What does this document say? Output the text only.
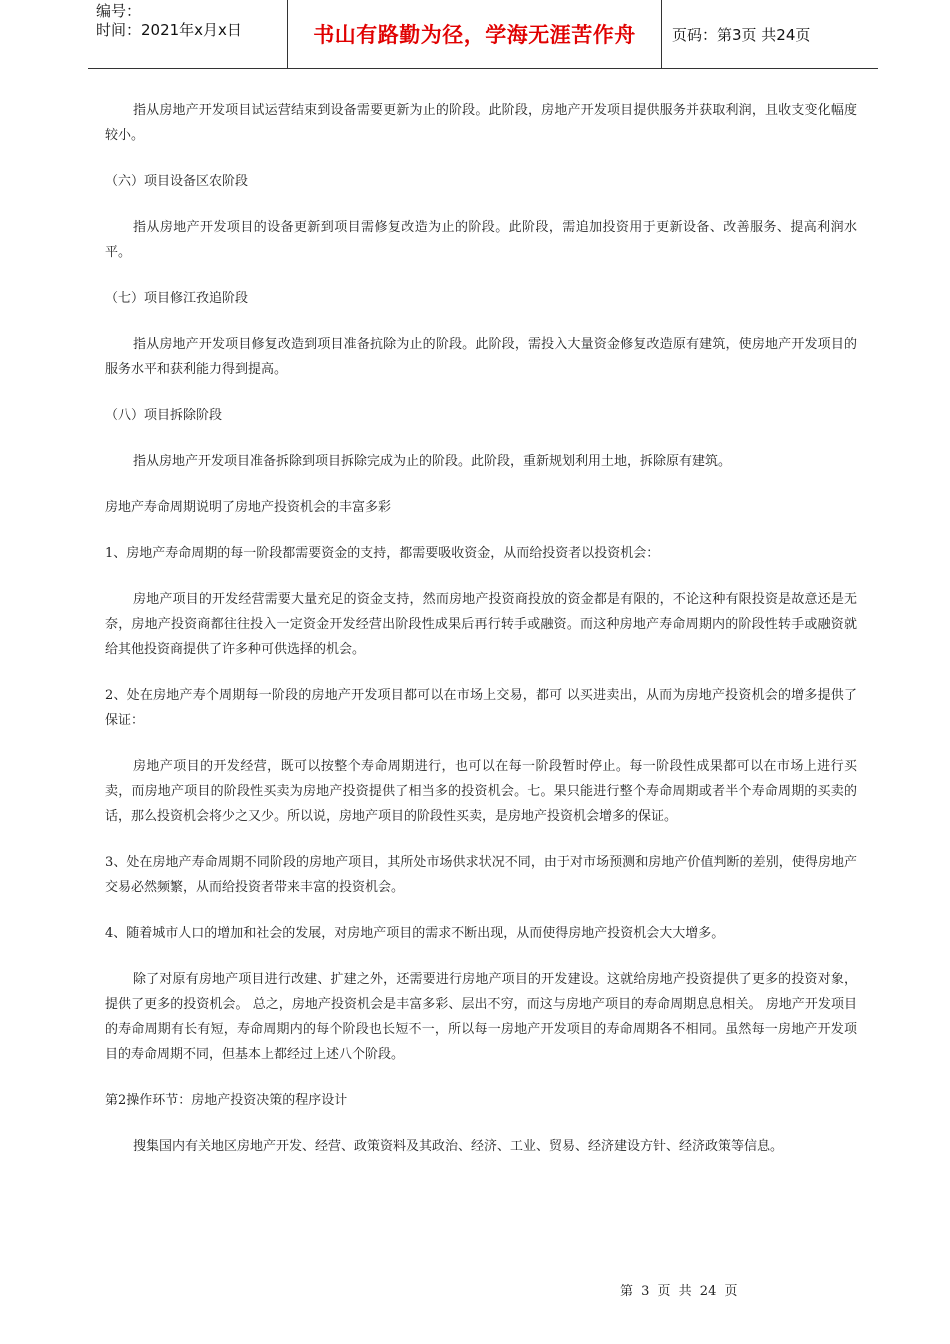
编号：
时间：2021年x月x日	书山有路勤为径，学海无涯苦作舟	页码：第3页 共24页

指从房地产开发项目试运营结束到设备需要更新为止的阶段。此阶段，房地产开发项目提供服务并获取利润，且收支变化幅度较小。

（六）项目设备区农阶段

指从房地产开发项目的设备更新到项目需修复改造为止的阶段。此阶段，需追加投资用于更新设备、改善服务、提高利润水平。

（七）项目修江孜追阶段

指从房地产开发项目修复改造到项目准备抗除为止的阶段。此阶段，需投入大量资金修复改造原有建筑，使房地产开发项目的服务水平和获利能力得到提高。

（八）项目拆除阶段

指从房地产开发项目准备拆除到项目拆除完成为止的阶段。此阶段，重新规划利用土地，拆除原有建筑。

房地产寿命周期说明了房地产投资机会的丰富多彩

1、房地产寿命周期的每一阶段都需要资金的支持，都需要吸收资金，从而给投资者以投资机会：

房地产项目的开发经营需要大量充足的资金支持，然而房地产投资商投放的资金都是有限的，不论这种有限投资是故意还是无奈，房地产投资商都往往投入一定资金开发经营出阶段性成果后再行转手或融资。而这种房地产寿命周期内的阶段性转手或融资就给其他投资商提供了许多种可供选择的机会。

2、处在房地产寿个周期每一阶段的房地产开发项目都可以在市场上交易，都可 以买进卖出，从而为房地产投资机会的增多提供了保证：

房地产项目的开发经营，既可以按整个寿命周期进行，也可以在每一阶段暂时停止。每一阶段性成果都可以在市场上进行买卖，而房地产项目的阶段性买卖为房地产投资提供了相当多的投资机会。七。果只能进行整个寿命周期或者半个寿命周期的买卖的话，那么投资机会将少之又少。所以说，房地产项目的阶段性买卖，是房地产投资机会增多的保证。

3、处在房地产寿命周期不同阶段的房地产项目，其所处市场供求状况不同，由于对市场预测和房地产价值判断的差别，使得房地产交易必然频繁，从而给投资者带来丰富的投资机会。

4、随着城市人口的增加和社会的发展，对房地产项目的需求不断出现，从而使得房地产投资机会大大增多。

除了对原有房地产项目进行改建、扩建之外，还需要进行房地产项目的开发建设。这就给房地产投资提供了更多的投资对象，提供了更多的投资机会。 总之，房地产投资机会是丰富多彩、层出不穷，而这与房地产项目的寿命周期息息相关。 房地产开发项目的寿命周期有长有短，寿命周期内的每个阶段也长短不一，所以每一房地产开发项目的寿命周期各不相同。虽然每一房地产开发项目的寿命周期不同，但基本上都经过上述八个阶段。

第2操作环节：房地产投资决策的程序设计

搜集国内有关地区房地产开发、经营、政策资料及其政治、经济、工业、贸易、经济建设方针、经济政策等信息。

第 3 页 共 24 页
